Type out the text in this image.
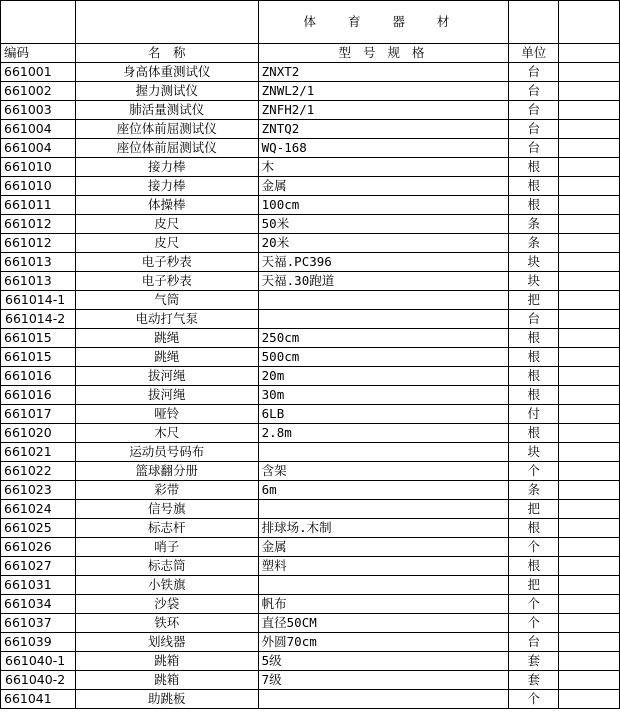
		体 育 器 材		
编码	名　称	型 号 规 格	单位	
661001	身高体重测试仪	ZNXT2	台	
661002	握力测试仪	ZNWL2/1	台	
661003	肺活量测试仪	ZNFH2/1	台	
661004	座位体前屈测试仪	ZNTQ2	台	
661004	座位体前屈测试仪	WQ-168	台	
661010	接力棒	木	根	
661010	接力棒	金属	根	
661011	体操棒	100cm	根	
661012	皮尺	50米	条	
661012	皮尺	20米	条	
661013	电子秒表	天福.PC396	块	
661013	电子秒表	天福.30跑道	块	
661014-1	气筒		把	
661014-2	电动打气泵		台	
661015	跳绳	250cm	根	
661015	跳绳	500cm	根	
661016	拔河绳	20m	根	
661016	拔河绳	30m	根	
661017	哑铃	6LB	付	
661020	木尺	2.8m	根	
661021	运动员号码布		块	
661022	篮球翻分册	含架	个	
661023	彩带	6m	条	
661024	信号旗		把	
661025	标志杆	排球场.木制	根	
661026	哨子	金属	个	
661027	标志筒	塑料	根	
661031	小铁旗		把	
661034	沙袋	帆布	个	
661037	铁环	直径50CM	个	
661039	划线器	外圆70cm	台	
661040-1	跳箱	5级	套	
661040-2	跳箱	7级	套	
661041	助跳板		个	
